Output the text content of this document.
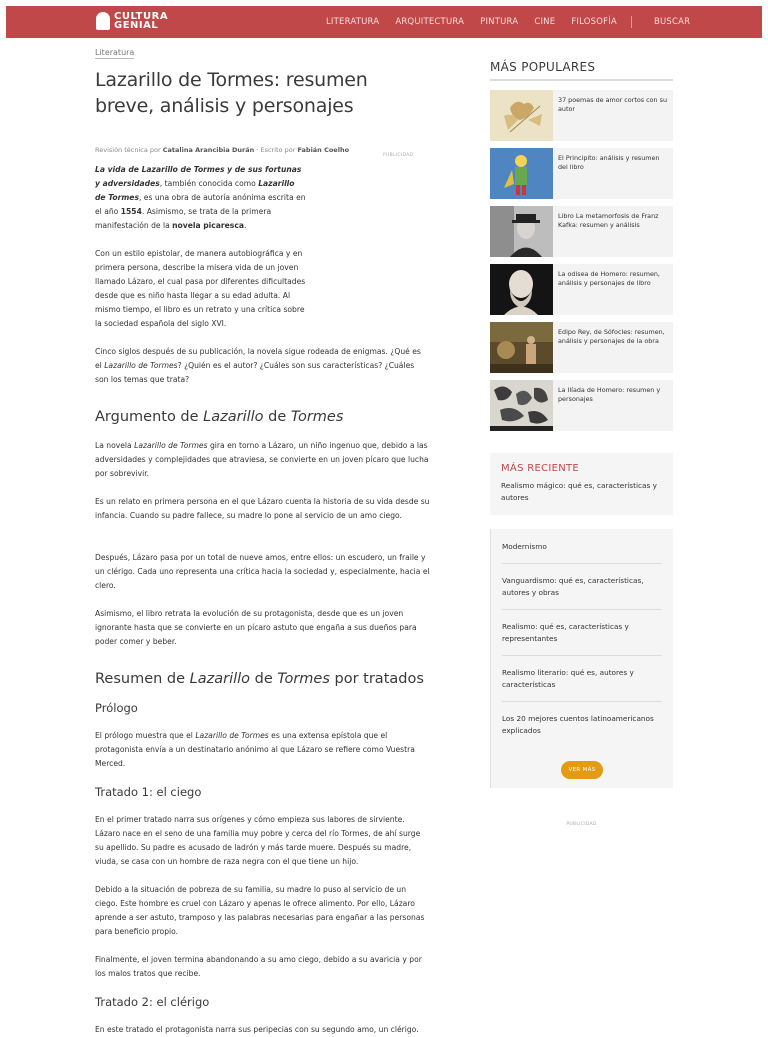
CULTURA
GENIAL	LITERATURA ARQUITECTURA PINTURA CINE FILOSOFÍA	BUSCAR
Literatura
Lazarillo de Tormes: resumen breve, análisis y personajes
Revisión técnica por Catalina Arancibia Durán · Escrito por Fabián Coelho
PUBLICIDAD

La vida de Lazarillo de Tormes y de sus fortunas y adversidades, también conocida como Lazarillo de Tormes, es una obra de autoría anónima escrita en el año 1554. Asimismo, se trata de la primera manifestación de la novela picaresca.

Con un estilo epistolar, de manera autobiográfica y en primera persona, describe la misera vida de un joven llamado Lázaro, el cual pasa por diferentes dificultades desde que es niño hasta llegar a su edad adulta. Al mismo tiempo, el libro es un retrato y una crítica sobre la sociedad española del siglo XVI.

Cinco siglos después de su publicación, la novela sigue rodeada de enigmas. ¿Qué es el Lazarillo de Tormes? ¿Quién es el autor? ¿Cuáles son sus características? ¿Cuáles son los temas que trata?

Argumento de Lazarillo de Tormes

La novela Lazarillo de Tormes gira en torno a Lázaro, un niño ingenuo que, debido a las adversidades y complejidades que atraviesa, se convierte en un joven pícaro que lucha por sobrevivir.

Es un relato en primera persona en el que Lázaro cuenta la historia de su vida desde su infancia. Cuando su padre fallece, su madre lo pone al servicio de un amo ciego.

Después, Lázaro pasa por un total de nueve amos, entre ellos: un escudero, un fraile y un clérigo. Cada uno representa una crítica hacia la sociedad y, especialmente, hacia el clero.

Asimismo, el libro retrata la evolución de su protagonista, desde que es un joven ignorante hasta que se convierte en un pícaro astuto que engaña a sus dueños para poder comer y beber.

Resumen de Lazarillo de Tormes por tratados
Prólogo

El prólogo muestra que el Lazarillo de Tormes es una extensa epístola que el protagonista envía a un destinatario anónimo al que Lázaro se refiere como Vuestra Merced.

Tratado 1: el ciego

En el primer tratado narra sus orígenes y cómo empieza sus labores de sirviente. Lázaro nace en el seno de una familia muy pobre y cerca del río Tormes, de ahí surge su apellido. Su padre es acusado de ladrón y más tarde muere. Después su madre, viuda, se casa con un hombre de raza negra con el que tiene un hijo.

Debido a la situación de pobreza de su familia, su madre lo puso al servicio de un ciego. Este hombre es cruel con Lázaro y apenas le ofrece alimento. Por ello, Lázaro aprende a ser astuto, tramposo y las palabras necesarias para engañar a las personas para beneficio propio.

Finalmente, el joven termina abandonando a su amo ciego, debido a su avaricia y por los malos tratos que recibe.

Tratado 2: el clérigo

En este tratado el protagonista narra sus peripecias con su segundo amo, un clérigo.

MÁS POPULARES
37 poemas de amor cortos con su autor
El Principito: análisis y resumen del libro
Libro La metamorfosis de Franz Kafka: resumen y análisis
La odisea de Homero: resumen, análisis y personajes de libro
Edipo Rey, de Sófocles: resumen, análisis y personajes de la obra
La Ilíada de Homero: resumen y personajes
MÁS RECIENTE
Realismo mágico: qué es, características y autores
Modernismo
Vanguardismo: qué es, características, autores y obras
Realismo: qué es, características y representantes
Realismo literario: qué es, autores y características
Los 20 mejores cuentos latinoamericanos explicados
VER MÁS
PUBLICIDAD
